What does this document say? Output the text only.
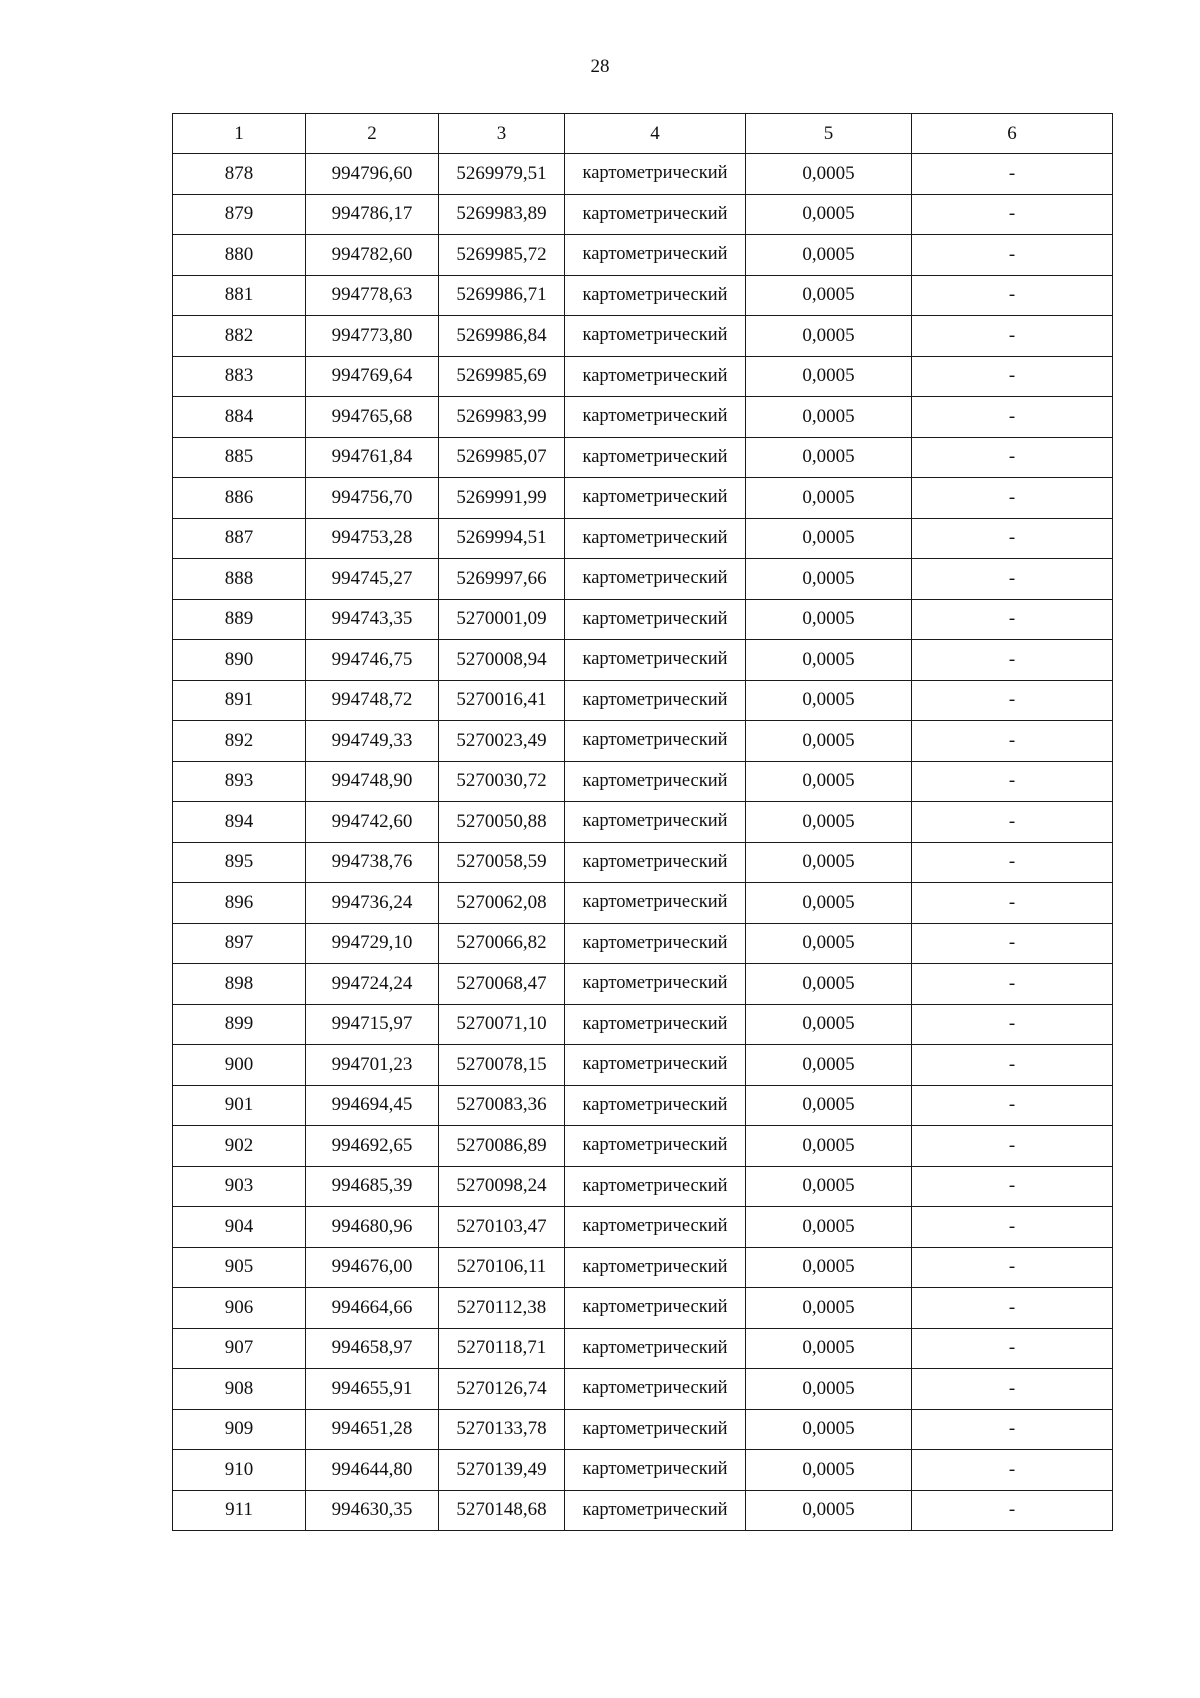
28
1	2	3	4	5	6
878	994796,60	5269979,51	картометрический	0,0005	-
879	994786,17	5269983,89	картометрический	0,0005	-
880	994782,60	5269985,72	картометрический	0,0005	-
881	994778,63	5269986,71	картометрический	0,0005	-
882	994773,80	5269986,84	картометрический	0,0005	-
883	994769,64	5269985,69	картометрический	0,0005	-
884	994765,68	5269983,99	картометрический	0,0005	-
885	994761,84	5269985,07	картометрический	0,0005	-
886	994756,70	5269991,99	картометрический	0,0005	-
887	994753,28	5269994,51	картометрический	0,0005	-
888	994745,27	5269997,66	картометрический	0,0005	-
889	994743,35	5270001,09	картометрический	0,0005	-
890	994746,75	5270008,94	картометрический	0,0005	-
891	994748,72	5270016,41	картометрический	0,0005	-
892	994749,33	5270023,49	картометрический	0,0005	-
893	994748,90	5270030,72	картометрический	0,0005	-
894	994742,60	5270050,88	картометрический	0,0005	-
895	994738,76	5270058,59	картометрический	0,0005	-
896	994736,24	5270062,08	картометрический	0,0005	-
897	994729,10	5270066,82	картометрический	0,0005	-
898	994724,24	5270068,47	картометрический	0,0005	-
899	994715,97	5270071,10	картометрический	0,0005	-
900	994701,23	5270078,15	картометрический	0,0005	-
901	994694,45	5270083,36	картометрический	0,0005	-
902	994692,65	5270086,89	картометрический	0,0005	-
903	994685,39	5270098,24	картометрический	0,0005	-
904	994680,96	5270103,47	картометрический	0,0005	-
905	994676,00	5270106,11	картометрический	0,0005	-
906	994664,66	5270112,38	картометрический	0,0005	-
907	994658,97	5270118,71	картометрический	0,0005	-
908	994655,91	5270126,74	картометрический	0,0005	-
909	994651,28	5270133,78	картометрический	0,0005	-
910	994644,80	5270139,49	картометрический	0,0005	-
911	994630,35	5270148,68	картометрический	0,0005	-
